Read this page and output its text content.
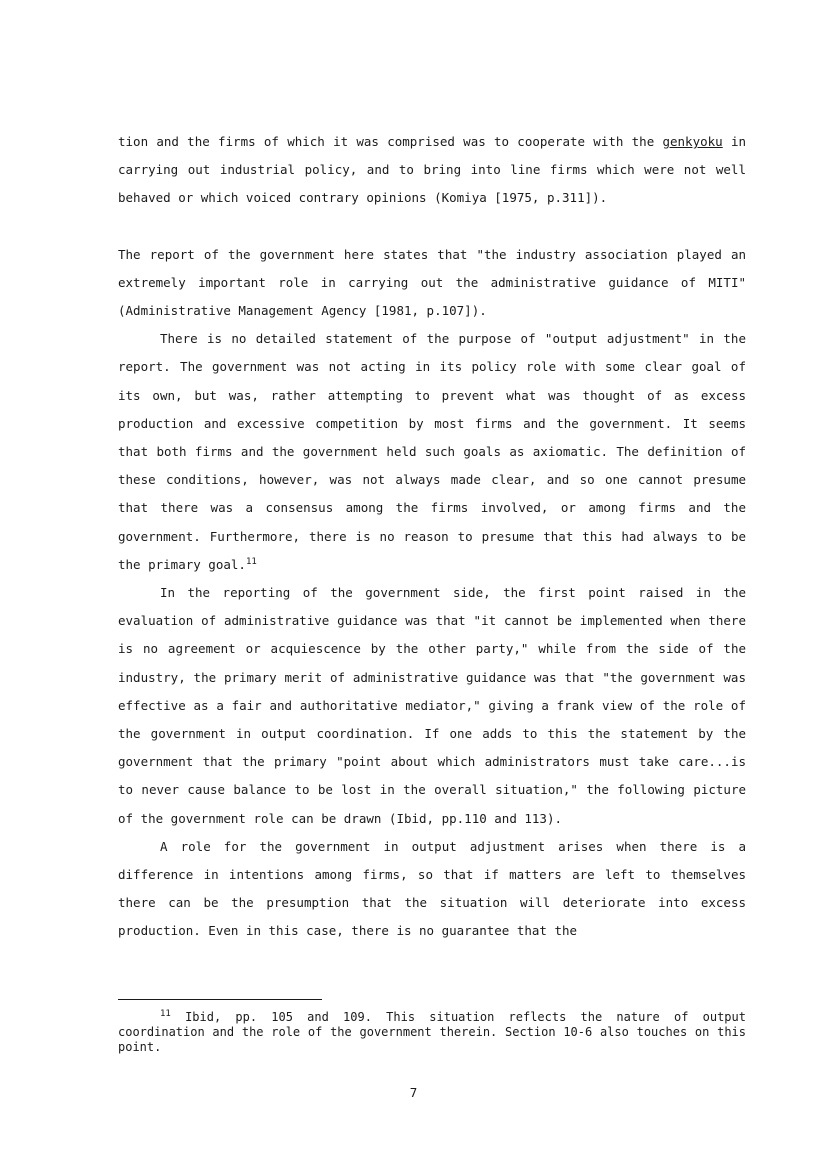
tion and the firms of which it was comprised was to cooperate with the genkyoku in carrying out industrial policy, and to bring into line firms which were not well behaved or which voiced contrary opinions (Komiya [1975, p.311]).

The report of the government here states that "the industry association played an extremely important role in carrying out the administrative guidance of MITI" (Administrative Management Agency [1981, p.107]).

There is no detailed statement of the purpose of "output adjustment" in the report. The government was not acting in its policy role with some clear goal of its own, but was, rather attempting to prevent what was thought of as excess production and excessive competition by most firms and the government. It seems that both firms and the government held such goals as axiomatic. The definition of these conditions, however, was not always made clear, and so one cannot presume that there was a consensus among the firms involved, or among firms and the government. Furthermore, there is no reason to presume that this had always to be the primary goal.$^{11}$

In the reporting of the government side, the first point raised in the evaluation of administrative guidance was that "it cannot be implemented when there is no agreement or acquiescence by the other party," while from the side of the industry, the primary merit of administrative guidance was that "the government was effective as a fair and authoritative mediator," giving a frank view of the role of the government in output coordination. If one adds to this the statement by the government that the primary "point about which administrators must take care...is to never cause balance to be lost in the overall situation," the following picture of the government role can be drawn (Ibid, pp.110 and 113).

A role for the government in output adjustment arises when there is a difference in intentions among firms, so that if matters are left to themselves there can be the presumption that the situation will deteriorate into excess production. Even in this case, there is no guarantee that the

$^{11}$ Ibid, pp. 105 and 109. This situation reflects the nature of output coordination and the role of the government therein. Section 10-6 also touches on this point.

7
